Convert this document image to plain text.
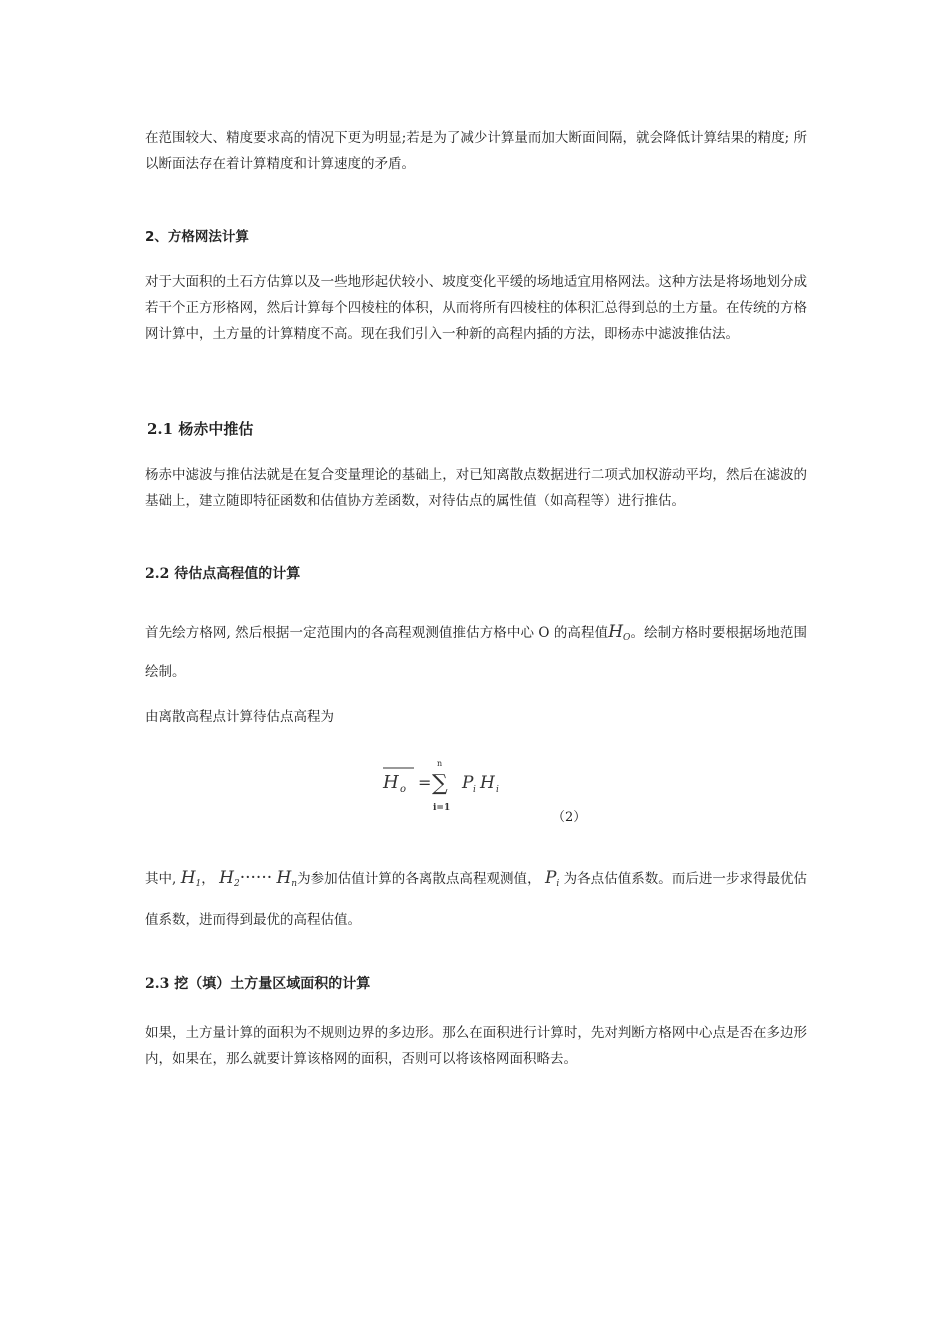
在范围较大、精度要求高的情况下更为明显;若是为了减少计算量而加大断面间隔，就会降低计算结果的精度; 所以断面法存在着计算精度和计算速度的矛盾。

2、方格网法计算

对于大面积的土石方估算以及一些地形起伏较小、坡度变化平缓的场地适宜用格网法。这种方法是将场地划分成若干个正方形格网，然后计算每个四棱柱的体积，从而将所有四棱柱的体积汇总得到总的土方量。在传统的方格网计算中，土方量的计算精度不高。现在我们引入一种新的高程内插的方法，即杨赤中滤波推估法。

2.1 杨赤中推估

杨赤中滤波与推估法就是在复合变量理论的基础上，对已知离散点数据进行二项式加权游动平均，然后在滤波的基础上，建立随即特征函数和估值协方差函数，对待估点的属性值（如高程等）进行推估。

2.2 待估点高程值的计算

首先绘方格网, 然后根据一定范围内的各高程观测值推估方格中心 O 的高程值$H_O$。绘制方格时要根据场地范围绘制。

由离散高程点计算待估点高程为

H o =
n
∑
i=1
P i H i
（2）

其中, $H_1$， $H_2\cdot\cdot\cdot\cdot\cdot\cdot H_n$为参加估值计算的各离散点高程观测值， $P_i$ 为各点估值系数。而后进一步求得最优估值系数，进而得到最优的高程估值。

2.3 挖（填）土方量区域面积的计算

如果，土方量计算的面积为不规则边界的多边形。那么在面积进行计算时，先对判断方格网中心点是否在多边形内，如果在，那么就要计算该格网的面积，否则可以将该格网面积略去。
